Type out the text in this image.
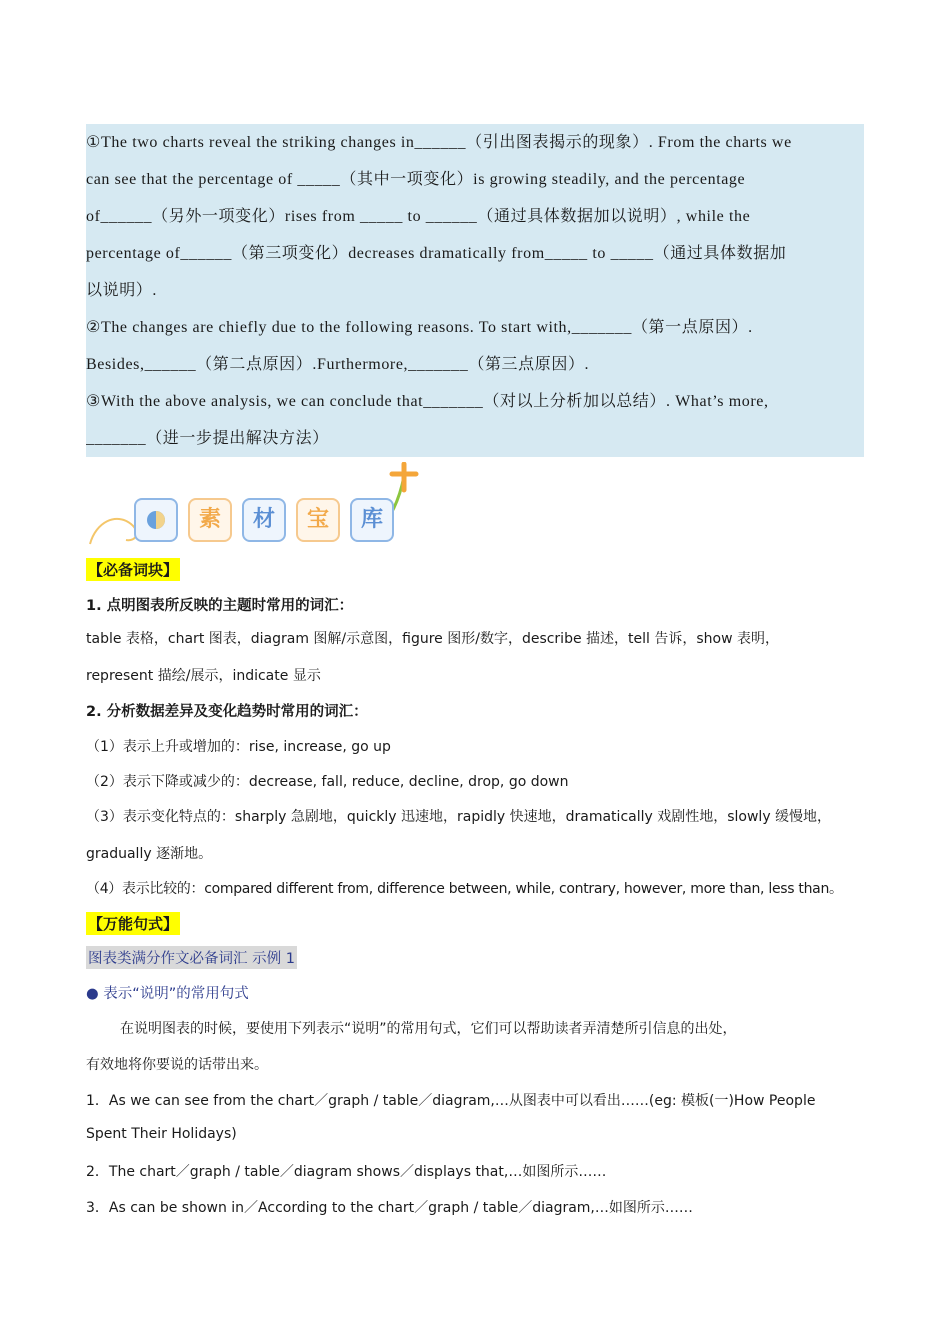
①The two charts reveal the striking changes in______（引出图表揭示的现象）. From the charts we
can see that the percentage of _____（其中一项变化）is growing steadily, and the percentage
of______（另外一项变化）rises from _____ to ______（通过具体数据加以说明）, while the
percentage of______（第三项变化）decreases dramatically from_____ to _____（通过具体数据加
以说明）.
②The changes are chiefly due to the following reasons. To start with,_______（第一点原因）.
Besides,______（第二点原因）.Furthermore,_______（第三点原因）.
③With the above analysis, we can conclude that_______（对以上分析加以总结）. What’s more,
_______（进一步提出解决方法）
素	材	宝	库
【必备词块】
1. 点明图表所反映的主题时常用的词汇：
table 表格，chart 图表，diagram 图解/示意图，figure 图形/数字，describe 描述，tell 告诉，show 表明，
represent 描绘/展示，indicate 显示
2. 分析数据差异及变化趋势时常用的词汇：
（1）表示上升或增加的：rise, increase, go up
（2）表示下降或减少的：decrease, fall, reduce, decline, drop, go down
（3）表示变化特点的：sharply 急剧地，quickly 迅速地，rapidly 快速地，dramatically 戏剧性地，slowly 缓慢地，
gradually 逐渐地。
（4）表示比较的：compared different from, difference between, while, contrary, however, more than, less than。
【万能句式】
图表类满分作文必备词汇 示例 1
● 表示“说明”的常用句式
在说明图表的时候，要使用下列表示“说明”的常用句式，它们可以帮助读者弄清楚所引信息的出处，
有效地将你要说的话带出来。
1．As we can see from the chart／graph / table／diagram,…从图表中可以看出……(eg: 模板(一)How People
Spent Their Holidays)
2．The chart／graph / table／diagram shows／displays that,…如图所示……
3．As can be shown in／According to the chart／graph / table／diagram,…如图所示……
